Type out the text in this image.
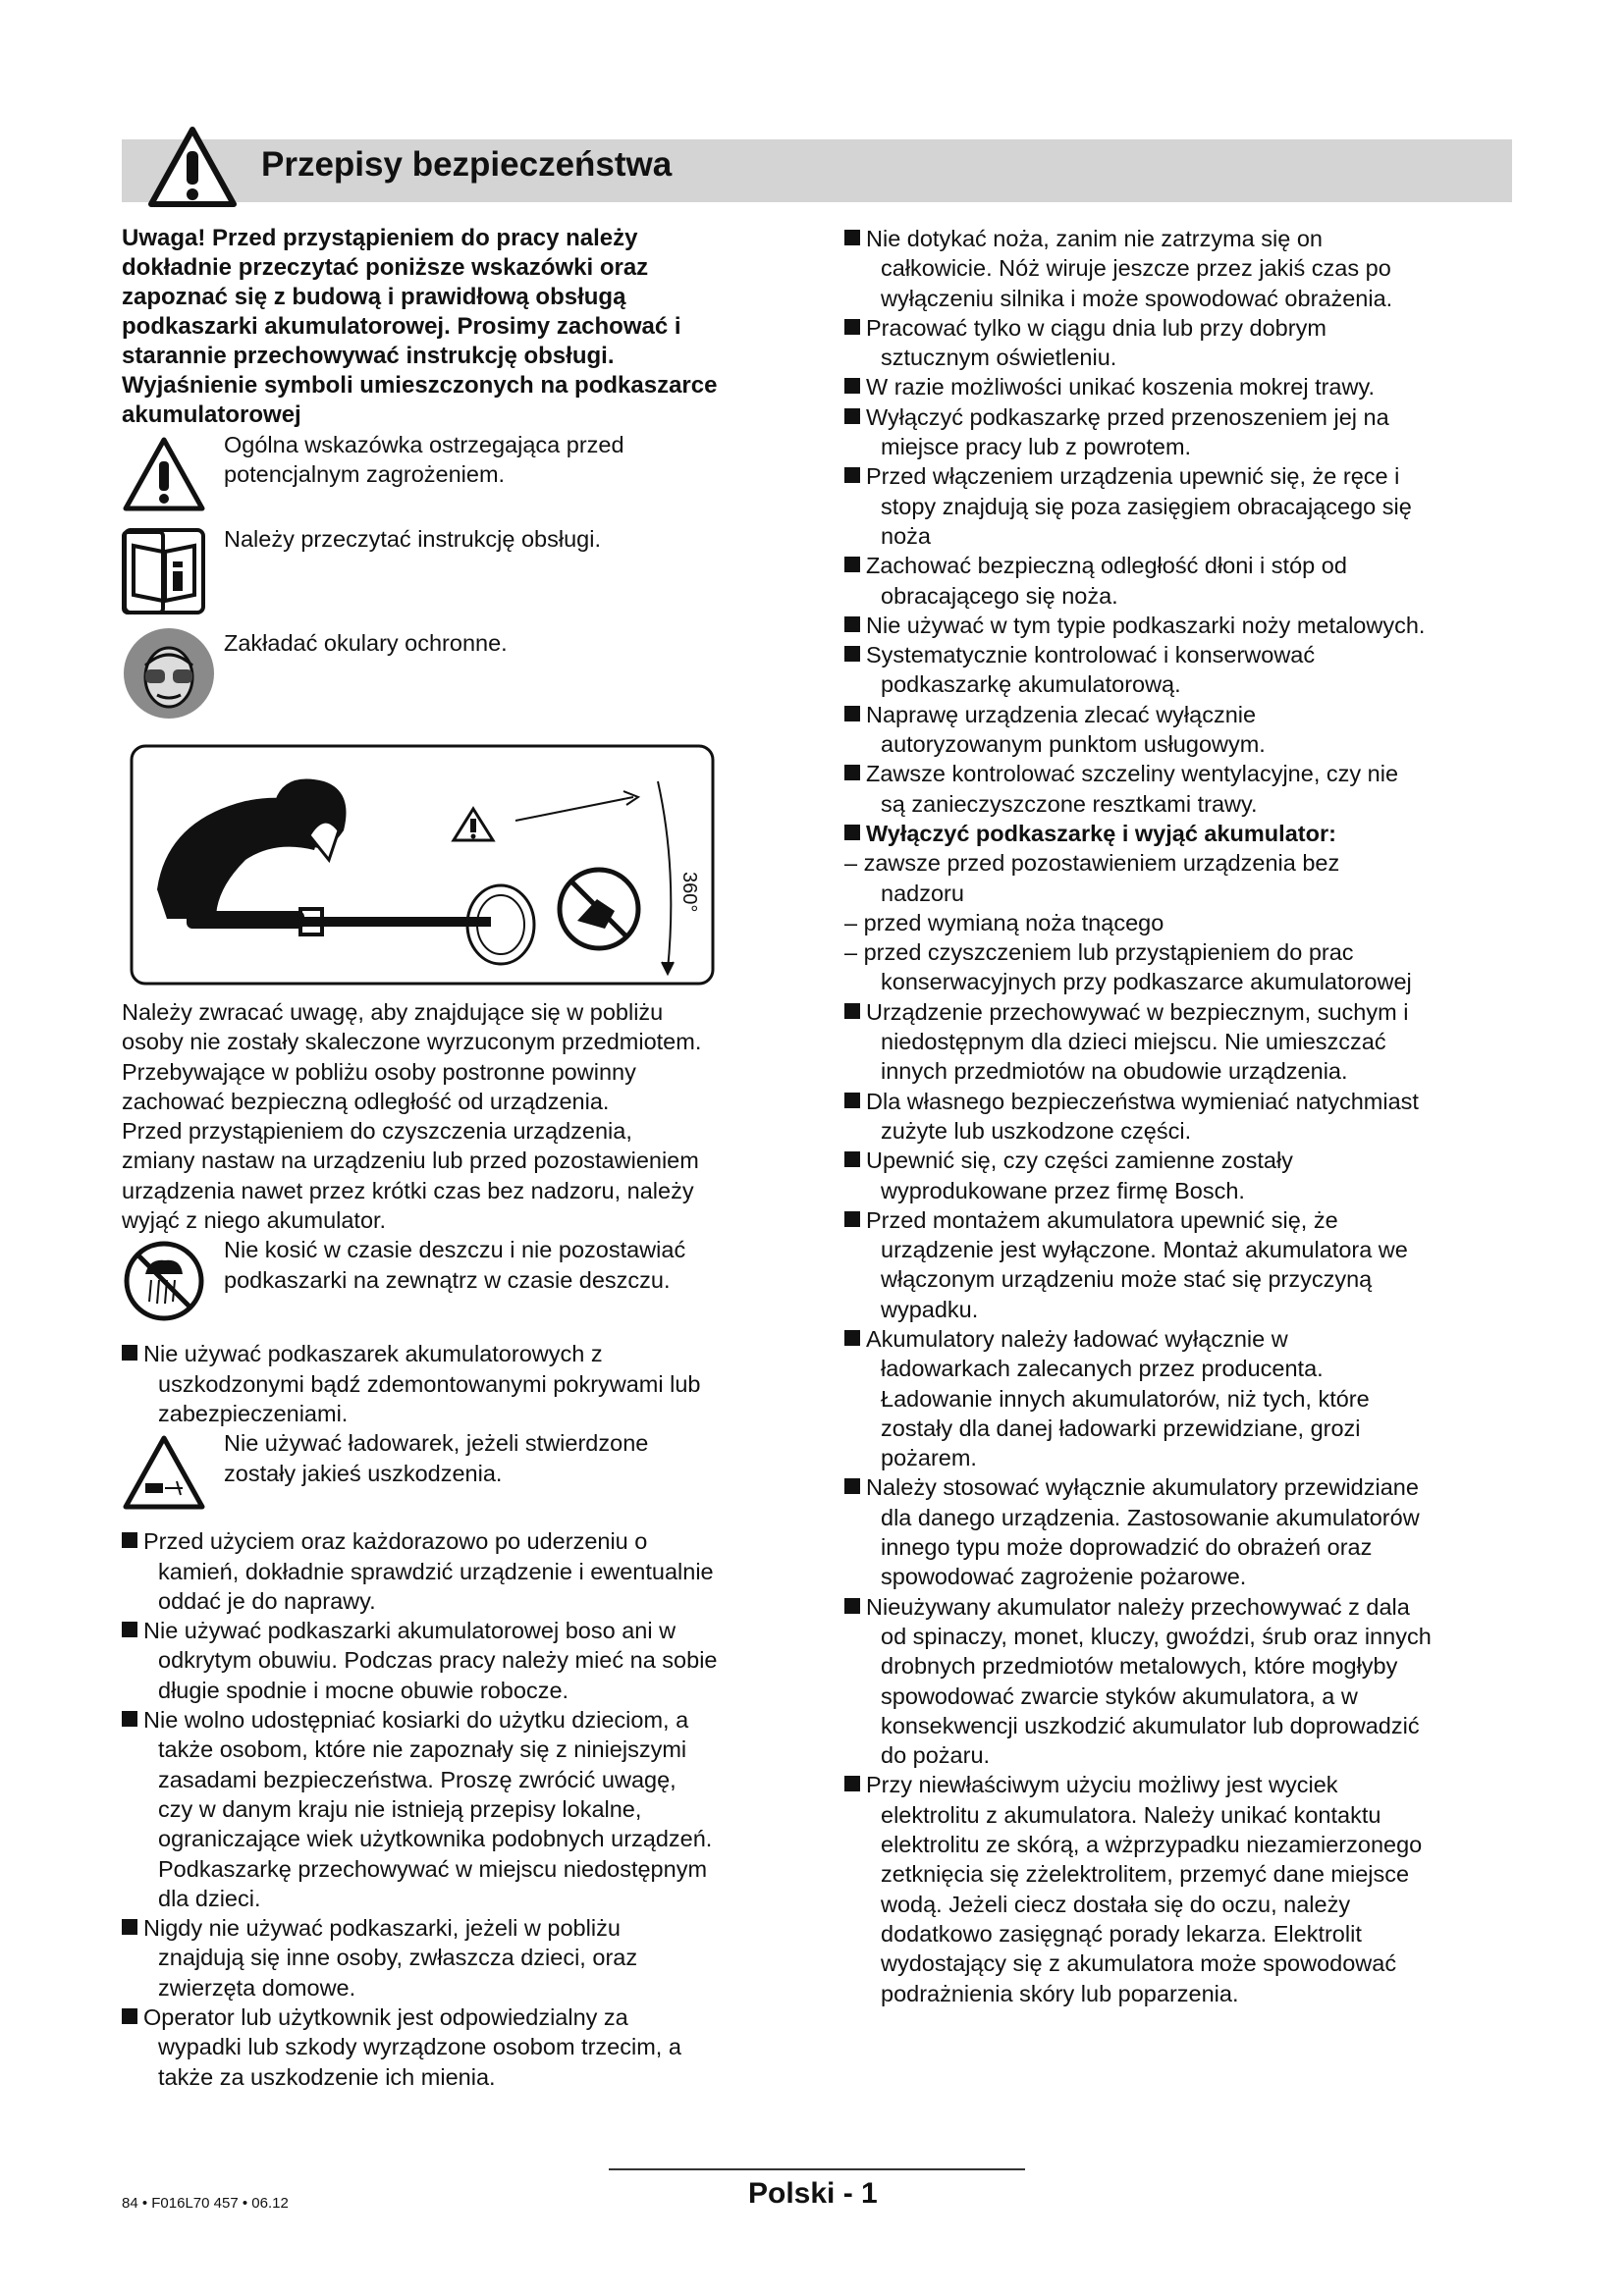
Przepisy bezpieczeństwa

Uwaga! Przed przystąpieniem do pracy należy
dokładnie przeczytać poniższe wskazówki oraz
zapoznać się z budową i prawidłową obsługą
podkaszarki akumulatorowej. Prosimy zachować i
starannie przechowywać instrukcję obsługi.

Wyjaśnienie symboli umieszczonych na podkaszarce
akumulatorowej

Ogólna wskazówka ostrzegająca przed
potencjalnym zagrożeniem.

Należy przeczytać instrukcję obsługi.

Zakładać okulary ochronne.

360°

Należy zwracać uwagę, aby znajdujące się w pobliżu
osoby nie zostały skaleczone wyrzuconym przedmiotem.

Przebywające w pobliżu osoby postronne powinny
zachować bezpieczną odległość od urządzenia.

Przed przystąpieniem do czyszczenia urządzenia,
zmiany nastaw na urządzeniu lub przed pozostawieniem
urządzenia nawet przez krótki czas bez nadzoru, należy
wyjąć z niego akumulator.

Nie kosić w czasie deszczu i nie pozostawiać
podkaszarki na zewnątrz w czasie deszczu.

Nie używać podkaszarek akumulatorowych z
uszkodzonymi bądź zdemontowanymi pokrywami lub
zabezpieczeniami.

Nie używać ładowarek, jeżeli stwierdzone
zostały jakieś uszkodzenia.

Przed użyciem oraz każdorazowo po uderzeniu o
kamień, dokładnie sprawdzić urządzenie i ewentualnie
oddać je do naprawy.

Nie używać podkaszarki akumulatorowej boso ani w
odkrytym obuwiu. Podczas pracy należy mieć na sobie
długie spodnie i mocne obuwie robocze.

Nie wolno udostępniać kosiarki do użytku dzieciom, a
także osobom, które nie zapoznały się z niniejszymi
zasadami bezpieczeństwa. Proszę zwrócić uwagę,
czy w danym kraju nie istnieją przepisy lokalne,
ograniczające wiek użytkownika podobnych urządzeń.
Podkaszarkę przechowywać w miejscu niedostępnym
dla dzieci.

Nigdy nie używać podkaszarki, jeżeli w pobliżu
znajdują się inne osoby, zwłaszcza dzieci, oraz
zwierzęta domowe.

Operator lub użytkownik jest odpowiedzialny za
wypadki lub szkody wyrządzone osobom trzecim, a
także za uszkodzenie ich mienia.

Nie dotykać noża, zanim nie zatrzyma się on
całkowicie. Nóż wiruje jeszcze przez jakiś czas po
wyłączeniu silnika i może spowodować obrażenia.

Pracować tylko w ciągu dnia lub przy dobrym
sztucznym oświetleniu.

W razie możliwości unikać koszenia mokrej trawy.

Wyłączyć podkaszarkę przed przenoszeniem jej na
miejsce pracy lub z powrotem.

Przed włączeniem urządzenia upewnić się, że ręce i
stopy znajdują się poza zasięgiem obracającego się
noża

Zachować bezpieczną odległość dłoni i stóp od
obracającego się noża.

Nie używać w tym typie podkaszarki noży metalowych.

Systematycznie kontrolować i konserwować
podkaszarkę akumulatorową.

Naprawę urządzenia zlecać wyłącznie
autoryzowanym punktom usługowym.

Zawsze kontrolować szczeliny wentylacyjne, czy nie
są zanieczyszczone resztkami trawy.

Wyłączyć podkaszarkę i wyjąć akumulator:

– zawsze przed pozostawieniem urządzenia bez
nadzoru

– przed wymianą noża tnącego

– przed czyszczeniem lub przystąpieniem do prac
konserwacyjnych przy podkaszarce akumulatorowej

Urządzenie przechowywać w bezpiecznym, suchym i
niedostępnym dla dzieci miejscu. Nie umieszczać
innych przedmiotów na obudowie urządzenia.

Dla własnego bezpieczeństwa wymieniać natychmiast
zużyte lub uszkodzone części.

Upewnić się, czy części zamienne zostały
wyprodukowane przez firmę Bosch.

Przed montażem akumulatora upewnić się, że
urządzenie jest wyłączone. Montaż akumulatora we
włączonym urządzeniu może stać się przyczyną
wypadku.

Akumulatory należy ładować wyłącznie w
ładowarkach zalecanych przez producenta.
Ładowanie innych akumulatorów, niż tych, które
zostały dla danej ładowarki przewidziane, grozi
pożarem.

Należy stosować wyłącznie akumulatory przewidziane
dla danego urządzenia. Zastosowanie akumulatorów
innego typu może doprowadzić do obrażeń oraz
spowodować zagrożenie pożarowe.

Nieużywany akumulator należy przechowywać z dala
od spinaczy, monet, kluczy, gwoździ, śrub oraz innych
drobnych przedmiotów metalowych, które mogłyby
spowodować zwarcie styków akumulatora, a w
konsekwencji uszkodzić akumulator lub doprowadzić
do pożaru.

Przy niewłaściwym użyciu możliwy jest wyciek
elektrolitu z akumulatora. Należy unikać kontaktu
elektrolitu ze skórą, a wżprzypadku niezamierzonego
zetknięcia się zżelektrolitem, przemyć dane miejsce
wodą. Jeżeli ciecz dostała się do oczu, należy
dodatkowo zasięgnąć porady lekarza. Elektrolit
wydostający się z akumulatora może spowodować
podrażnienia skóry lub poparzenia.

84 • F016L70 457 • 06.12	Polski - 1
